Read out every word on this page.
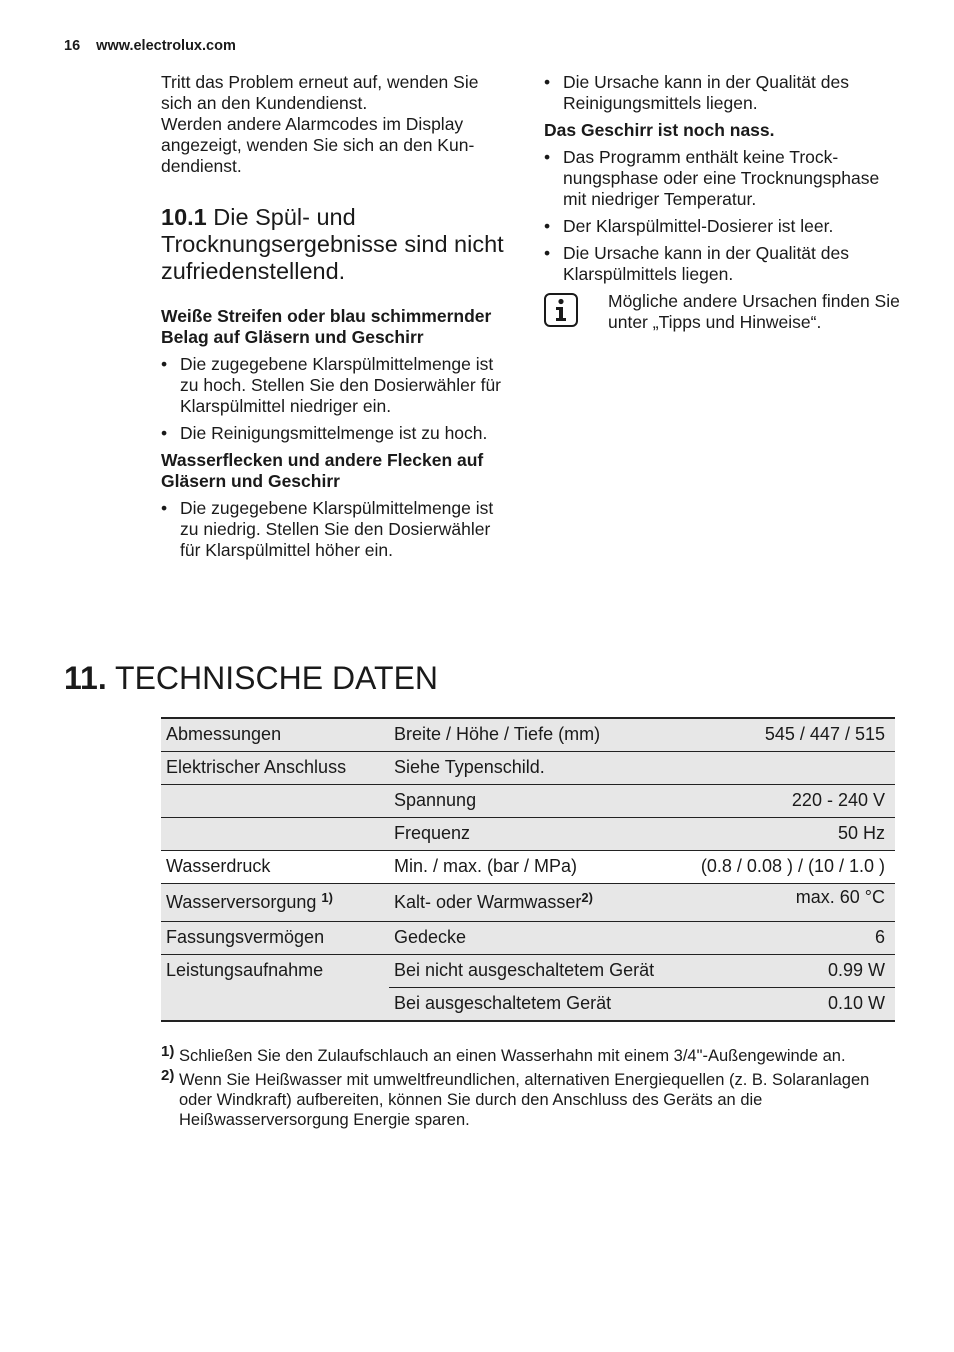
16 www.electrolux.com

Tritt das Problem erneut auf, wenden Sie sich an den Kundendienst.

Werden andere Alarmcodes im Display angezeigt, wenden Sie sich an den Kundendienst.

10.1 Die Spül- und Trocknungsergebnisse sind nicht zufriedenstellend.

Weiße Streifen oder blau schimmernder Belag auf Gläsern und Geschirr

• Die zugegebene Klarspülmittelmenge ist zu hoch. Stellen Sie den Dosierwähler für Klarspülmittel niedriger ein.
• Die Reinigungsmittelmenge ist zu hoch.

Wasserflecken und andere Flecken auf Gläsern und Geschirr

• Die zugegebene Klarspülmittelmenge ist zu niedrig. Stellen Sie den Dosierwähler für Klarspülmittel höher ein.
• Die Ursache kann in der Qualität des Reinigungsmittels liegen.

Das Geschirr ist noch nass.

• Das Programm enthält keine Trocknungsphase oder eine Trocknungsphase mit niedriger Temperatur.
• Der Klarspülmittel-Dosierer ist leer.
• Die Ursache kann in der Qualität des Klarspülmittels liegen.
Mögliche andere Ursachen finden Sie unter „Tipps und Hinweise“.
11. TECHNISCHE DATEN
Abmessungen	Breite / Höhe / Tiefe (mm)	545 / 447 / 515
Elektrischer Anschluss	Siehe Typenschild.	
	Spannung	220 - 240 V
	Frequenz	50 Hz
Wasserdruck	Min. / max. (bar / MPa)	(0.8 / 0.08 ) / (10 / 1.0 )
Wasserversorgung $^{1)}$	Kalt- oder Warmwasser$^{2)}$	max. 60 °C
Fassungsvermögen	Gedecke	6
Leistungsaufnahme	Bei nicht ausgeschaltetem Gerät	0.99 W
	Bei ausgeschaltetem Gerät	0.10 W
1) Schließen Sie den Zulaufschlauch an einen Wasserhahn mit einem 3/4"-Außengewinde an.
2) Wenn Sie Heißwasser mit umweltfreundlichen, alternativen Energiequellen (z. B. Solaranlagen oder Windkraft) aufbereiten, können Sie durch den Anschluss des Geräts an die Heißwasserversorgung Energie sparen.
